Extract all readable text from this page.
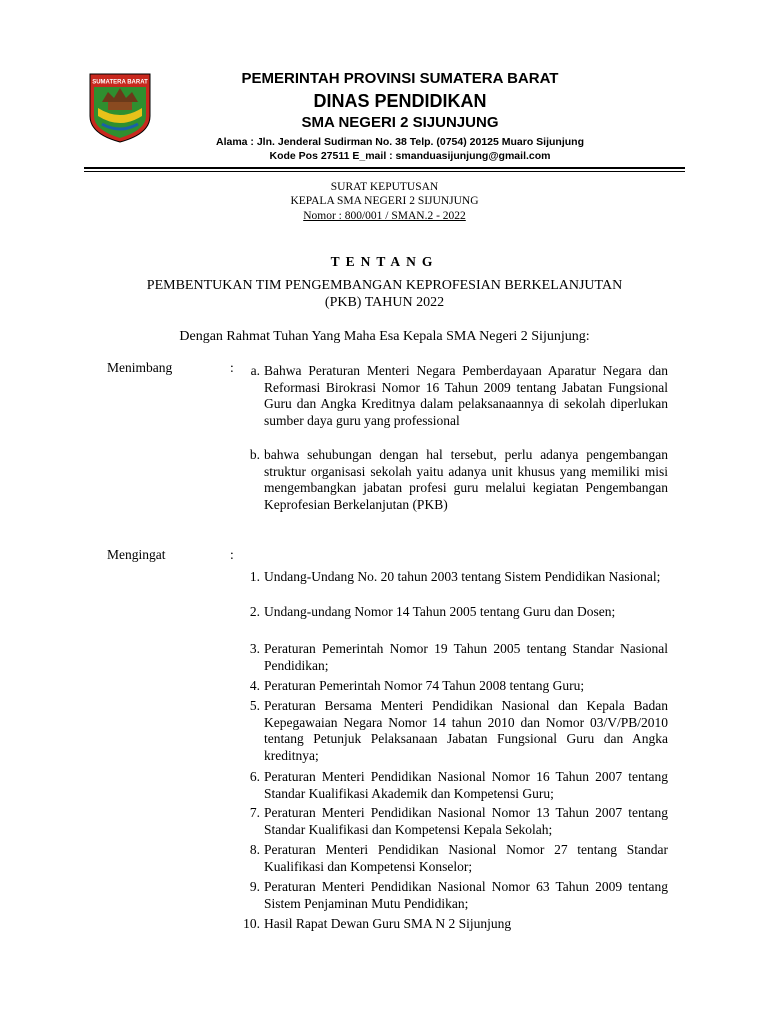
SUMATERA BARAT	PEMERINTAH PROVINSI SUMATERA BARAT
DINAS PENDIDIKAN
SMA NEGERI 2 SIJUNJUNG
Alama : Jln. Jenderal Sudirman No. 38 Telp. (0754) 20125 Muaro Sijunjung
Kode Pos 27511 E_mail : smanduasijunjung@gmail.com
SURAT KEPUTUSAN
KEPALA SMA NEGERI 2 SIJUNJUNG
Nomor : 800/001 / SMAN.2 - 2022
TENTANG
PEMBENTUKAN TIM PENGEMBANGAN KEPROFESIAN BERKELANJUTAN
(PKB) TAHUN 2022
Dengan Rahmat Tuhan Yang Maha Esa Kepala SMA Negeri 2 Sijunjung:
Menimbang	:	a. Bahwa Peraturan Menteri Negara Pemberdayaan Aparatur Negara dan Reformasi Birokrasi Nomor 16 Tahun 2009 tentang Jabatan Fungsional Guru dan Angka Kreditnya dalam pelaksanaannya di sekolah diperlukan sumber daya guru yang professional
b. bahwa sehubungan dengan hal tersebut, perlu adanya pengembangan struktur organisasi sekolah yaitu adanya unit khusus yang memiliki misi mengembangkan jabatan profesi guru melalui kegiatan Pengembangan Keprofesian Berkelanjutan (PKB)
Mengingat	:
1. Undang-Undang No. 20 tahun 2003 tentang Sistem Pendidikan Nasional;
2. Undang-undang Nomor 14 Tahun 2005 tentang Guru dan Dosen;
3. Peraturan Pemerintah Nomor 19 Tahun 2005 tentang Standar Nasional Pendidikan;
4. Peraturan Pemerintah Nomor 74 Tahun 2008 tentang Guru;
5. Peraturan Bersama Menteri Pendidikan Nasional dan Kepala Badan Kepegawaian Negara Nomor 14 tahun 2010 dan Nomor 03/V/PB/2010 tentang Petunjuk Pelaksanaan Jabatan Fungsional Guru dan Angka kreditnya;
6. Peraturan Menteri Pendidikan Nasional Nomor 16 Tahun 2007 tentang Standar Kualifikasi Akademik dan Kompetensi Guru;
7. Peraturan Menteri Pendidikan Nasional Nomor 13 Tahun 2007 tentang Standar Kualifikasi dan Kompetensi Kepala Sekolah;
8. Peraturan Menteri Pendidikan Nasional Nomor 27 tentang Standar Kualifikasi dan Kompetensi Konselor;
9. Peraturan Menteri Pendidikan Nasional Nomor 63 Tahun 2009 tentang Sistem Penjaminan Mutu Pendidikan;
10. Hasil Rapat Dewan Guru SMA N 2 Sijunjung
